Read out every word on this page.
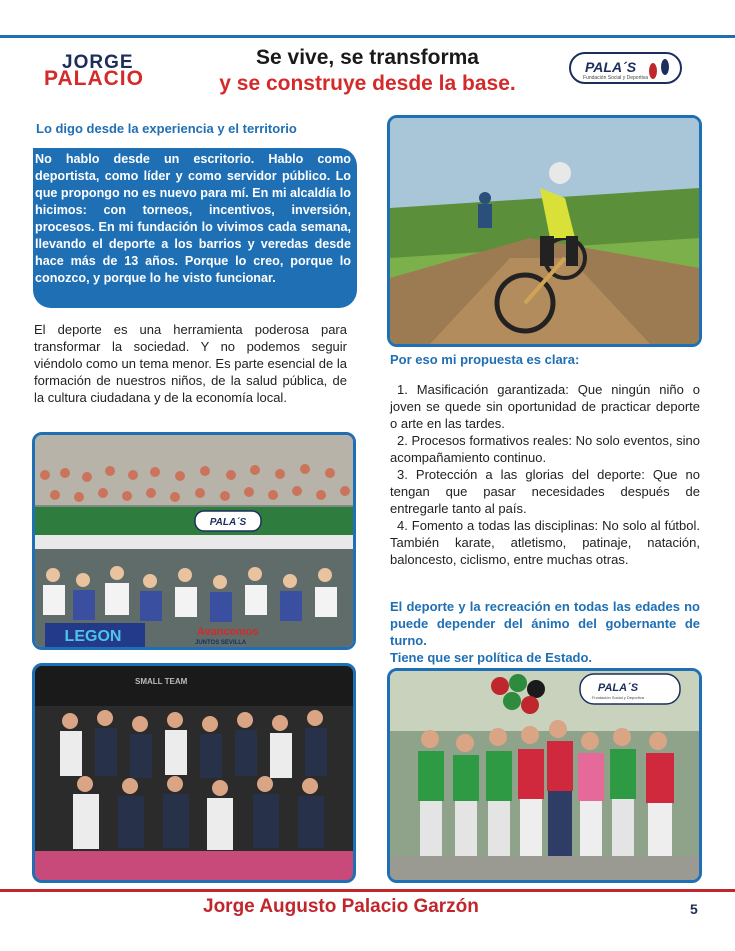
JORGE
PALACIO
Se vive, se transforma
y se construye desde la base.
PALA´S
Fundación Social y Deportiva
Lo digo desde la experiencia y el territorio
No hablo desde un escritorio. Hablo como deportista, como líder y como servidor público. Lo que propongo no es nuevo para mí. En mi alcaldía lo hicimos: con torneos, incentivos, inversión, procesos. En mi fundación lo vivimos cada semana, llevando el deporte a los barrios y veredas desde hace más de 13 años. Porque lo creo, porque lo conozco, y porque lo he visto funcionar.
El deporte es una herramienta poderosa para transformar la sociedad. Y no podemos seguir viéndolo como un tema menor. Es parte esencial de la formación de nuestros niños, de la salud pública, de la cultura ciudadana y de la economía local.
PALA´S
LEGON	Avancemos
JUNTOS SEVILLA
SMALL TEAM
Por eso mi propuesta es clara:
1. Masificación garantizada: Que ningún niño o joven se quede sin oportunidad de practicar deporte o arte en las tardes.
2. Procesos formativos reales: No solo eventos, sino acompañamiento continuo.
3. Protección a las glorias del deporte: Que no tengan que pasar necesidades después de entregarle tanto al país.
4. Fomento a todas las disciplinas: No solo al fútbol. También karate, atletismo, patinaje, natación, baloncesto, ciclismo, entre muchas otras.
El deporte y la recreación en todas las edades no puede depender del ánimo del gobernante de turno.
Tiene que ser política de Estado.
PALA´S
Fundación Social y Deportiva
Jorge Augusto Palacio Garzón	5
